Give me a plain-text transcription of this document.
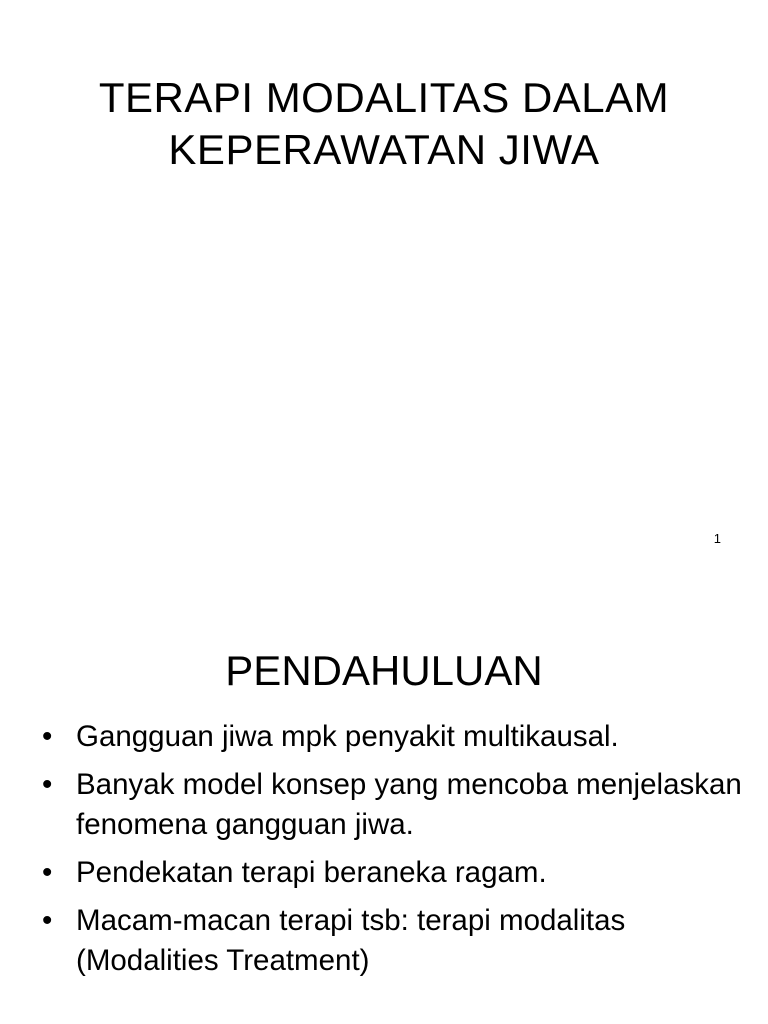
TERAPI MODALITAS DALAM
KEPERAWATAN JIWA
1
PENDAHULUAN
• Gangguan jiwa mpk penyakit multikausal.
• Banyak model konsep yang mencoba menjelaskan fenomena gangguan jiwa.
• Pendekatan terapi beraneka ragam.
• Macam-macan terapi tsb: terapi modalitas (Modalities Treatment)
